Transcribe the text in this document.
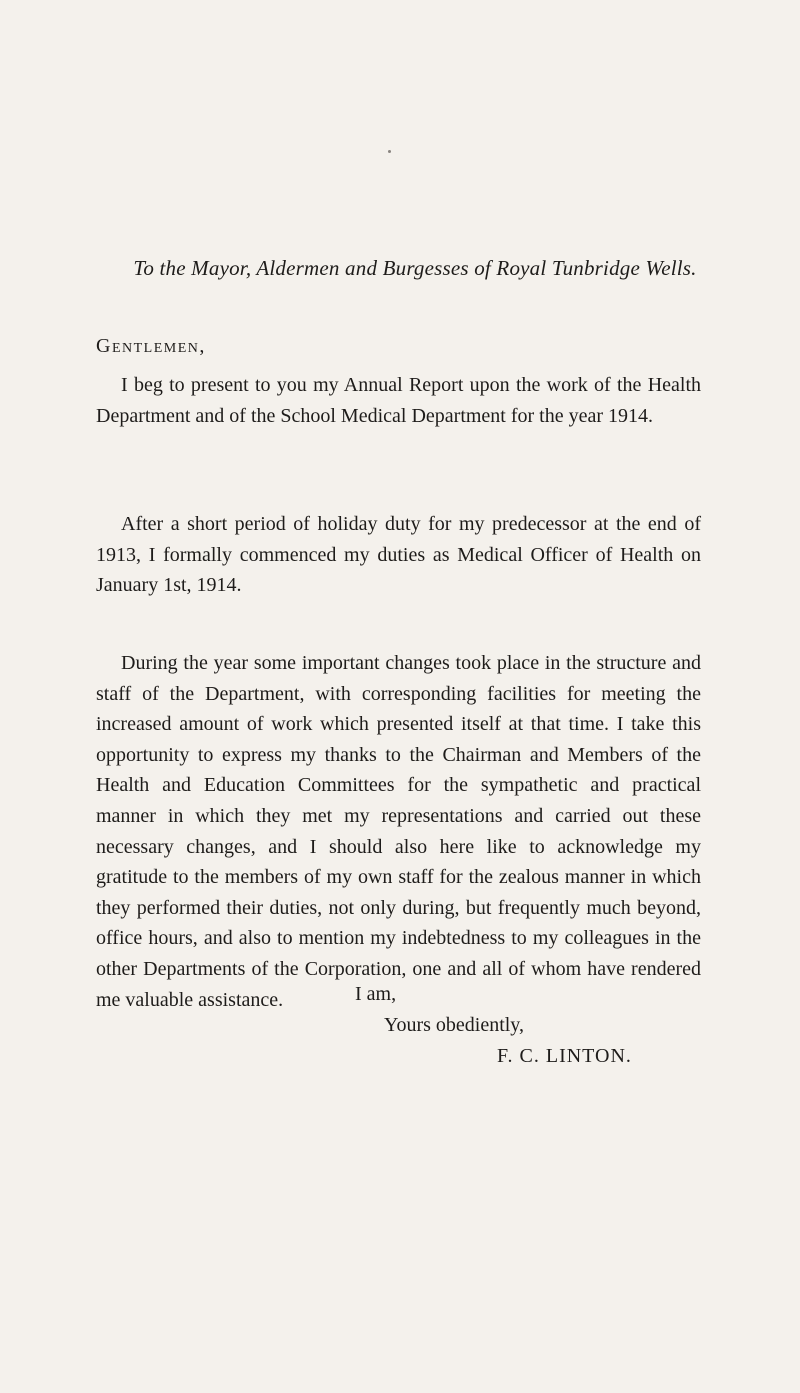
To the Mayor, Aldermen and Burgesses of Royal Tunbridge Wells.
Gentlemen,

I beg to present to you my Annual Report upon the work of the Health Department and of the School Medical Department for the year 1914.

After a short period of holiday duty for my predecessor at the end of 1913, I formally commenced my duties as Medical Officer of Health on January 1st, 1914.

During the year some important changes took place in the structure and staff of the Department, with corresponding facilities for meeting the increased amount of work which presented itself at that time. I take this opportunity to express my thanks to the Chairman and Members of the Health and Education Committees for the sympathetic and practical manner in which they met my representations and carried out these necessary changes, and I should also here like to acknowledge my gratitude to the members of my own staff for the zealous manner in which they performed their duties, not only during, but frequently much beyond, office hours, and also to mention my indebtedness to my colleagues in the other Departments of the Corporation, one and all of whom have rendered me valuable assistance.	I am,
Yours obediently,
F. C. LINTON.
